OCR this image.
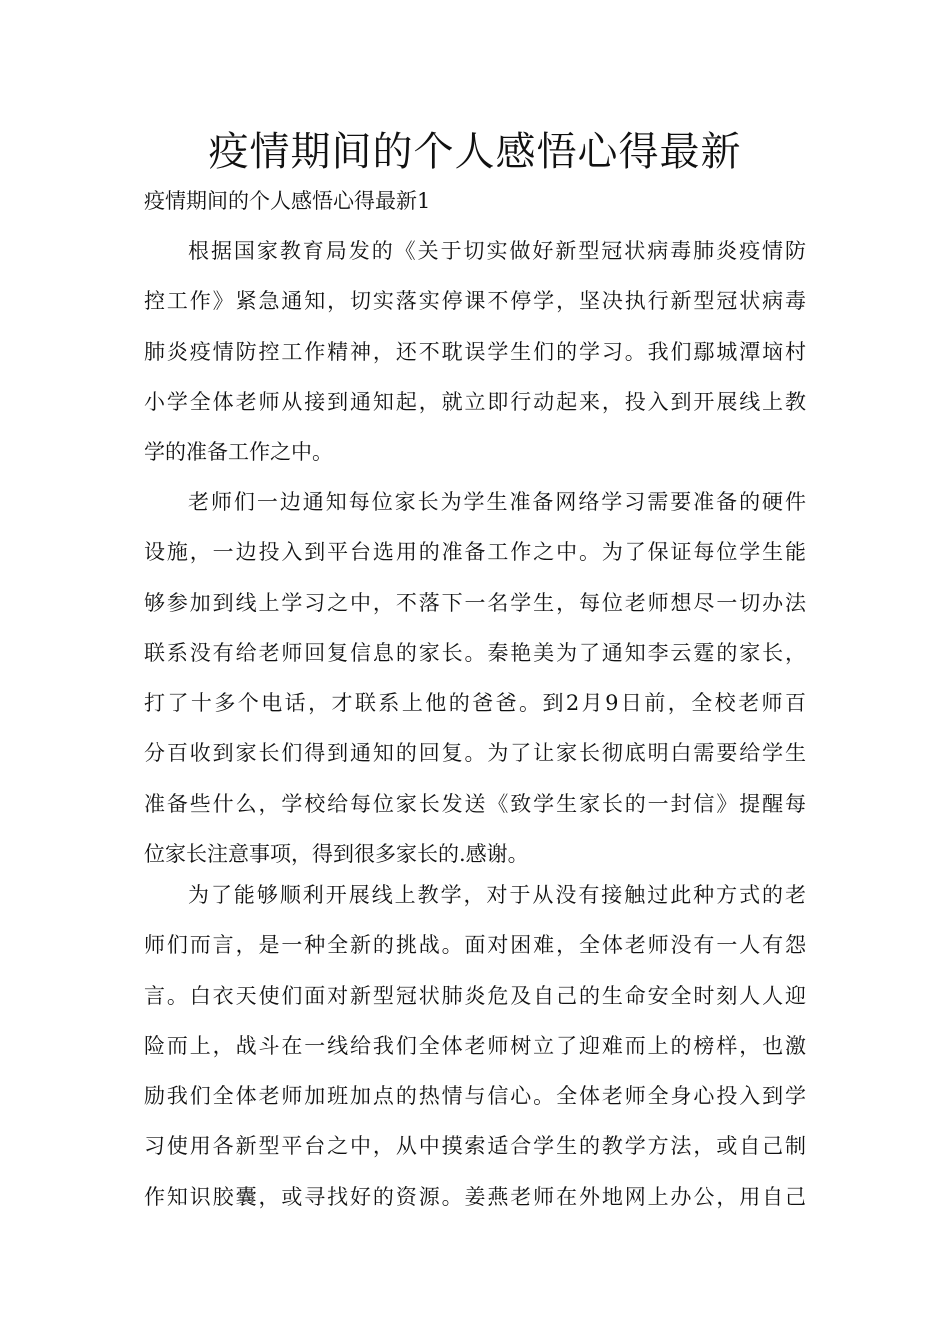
疫情期间的个人感悟心得最新

疫情期间的个人感悟心得最新1

根据国家教育局发的《关于切实做好新型冠状病毒肺炎疫情防
控工作》紧急通知，切实落实停课不停学，坚决执行新型冠状病毒
肺炎疫情防控工作精神，还不耽误学生们的学习。我们鄢城潭垴村
小学全体老师从接到通知起，就立即行动起来，投入到开展线上教
学的准备工作之中。
老师们一边通知每位家长为学生准备网络学习需要准备的硬件
设施，一边投入到平台选用的准备工作之中。为了保证每位学生能
够参加到线上学习之中，不落下一名学生，每位老师想尽一切办法
联系没有给老师回复信息的家长。秦艳美为了通知李云霆的家长，
打了十多个电话，才联系上他的爸爸。到2月9日前，全校老师百
分百收到家长们得到通知的回复。为了让家长彻底明白需要给学生
准备些什么，学校给每位家长发送《致学生家长的一封信》提醒每
位家长注意事项，得到很多家长的.感谢。
为了能够顺利开展线上教学，对于从没有接触过此种方式的老
师们而言，是一种全新的挑战。面对困难，全体老师没有一人有怨
言。白衣天使们面对新型冠状肺炎危及自己的生命安全时刻人人迎
险而上，战斗在一线给我们全体老师树立了迎难而上的榜样，也激
励我们全体老师加班加点的热情与信心。全体老师全身心投入到学
习使用各新型平台之中，从中摸索适合学生的教学方法，或自己制
作知识胶囊，或寻找好的资源。姜燕老师在外地网上办公，用自己
